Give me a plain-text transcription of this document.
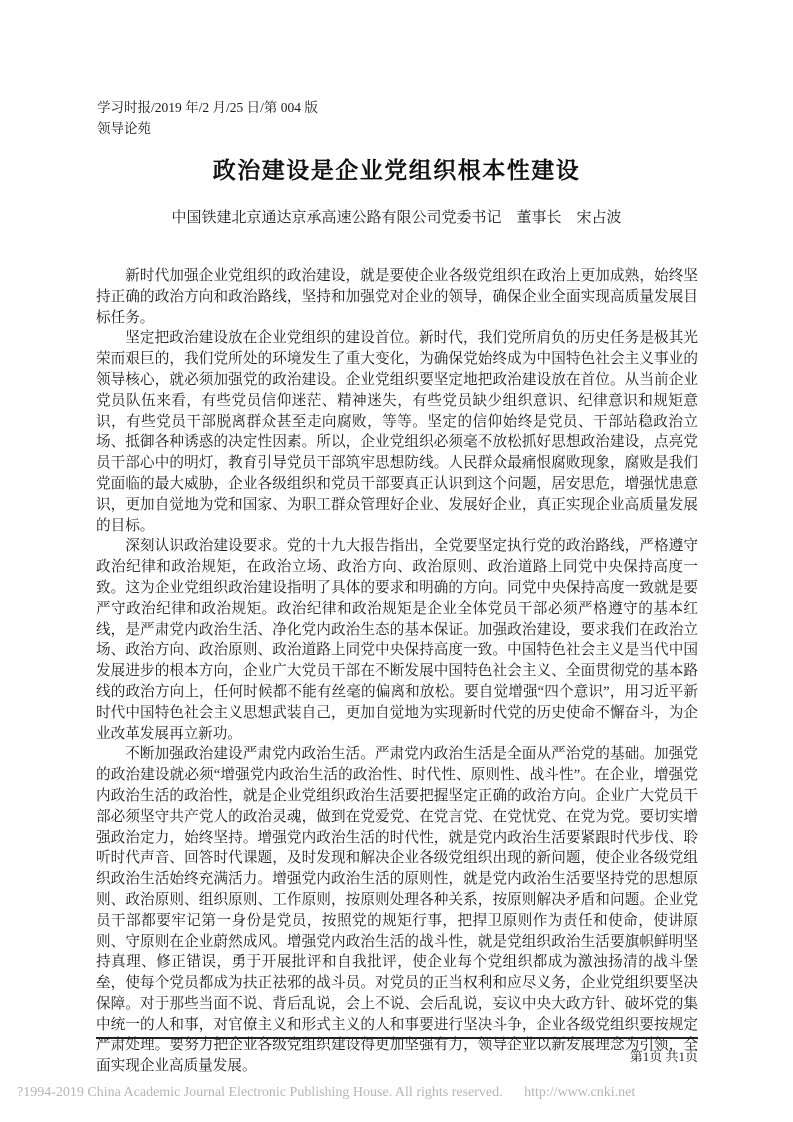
学习时报/2019 年/2 月/25 日/第 004 版
领导论苑
政治建设是企业党组织根本性建设
中国铁建北京通达京承高速公路有限公司党委书记　董事长　宋占波

新时代加强企业党组织的政治建设，就是要使企业各级党组织在政治上更加成熟，始终坚持正确的政治方向和政治路线，坚持和加强党对企业的领导，确保企业全面实现高质量发展目标任务。

坚定把政治建设放在企业党组织的建设首位。新时代，我们党所肩负的历史任务是极其光荣而艰巨的，我们党所处的环境发生了重大变化，为确保党始终成为中国特色社会主义事业的领导核心，就必须加强党的政治建设。企业党组织要坚定地把政治建设放在首位。从当前企业党员队伍来看，有些党员信仰迷茫、精神迷失，有些党员缺少组织意识、纪律意识和规矩意识，有些党员干部脱离群众甚至走向腐败，等等。坚定的信仰始终是党员、干部站稳政治立场、抵御各种诱惑的决定性因素。所以，企业党组织必须毫不放松抓好思想政治建设，点亮党员干部心中的明灯，教育引导党员干部筑牢思想防线。人民群众最痛恨腐败现象，腐败是我们党面临的最大威胁，企业各级组织和党员干部要真正认识到这个问题，居安思危，增强忧患意识，更加自觉地为党和国家、为职工群众管理好企业、发展好企业，真正实现企业高质量发展的目标。

深刻认识政治建设要求。党的十九大报告指出，全党要坚定执行党的政治路线，严格遵守政治纪律和政治规矩，在政治立场、政治方向、政治原则、政治道路上同党中央保持高度一致。这为企业党组织政治建设指明了具体的要求和明确的方向。同党中央保持高度一致就是要严守政治纪律和政治规矩。政治纪律和政治规矩是企业全体党员干部必须严格遵守的基本红线，是严肃党内政治生活、净化党内政治生态的基本保证。加强政治建设，要求我们在政治立场、政治方向、政治原则、政治道路上同党中央保持高度一致。中国特色社会主义是当代中国发展进步的根本方向，企业广大党员干部在不断发展中国特色社会主义、全面贯彻党的基本路线的政治方向上，任何时候都不能有丝毫的偏离和放松。要自觉增强“四个意识”，用习近平新时代中国特色社会主义思想武装自己，更加自觉地为实现新时代党的历史使命不懈奋斗，为企业改革发展再立新功。

不断加强政治建设严肃党内政治生活。严肃党内政治生活是全面从严治党的基础。加强党的政治建设就必须“增强党内政治生活的政治性、时代性、原则性、战斗性”。在企业，增强党内政治生活的政治性，就是企业党组织政治生活要把握坚定正确的政治方向。企业广大党员干部必须坚守共产党人的政治灵魂，做到在党爱党、在党言党、在党忧党、在党为党。要切实增强政治定力，始终坚持。增强党内政治生活的时代性，就是党内政治生活要紧跟时代步伐、聆听时代声音、回答时代课题，及时发现和解决企业各级党组织出现的新问题，使企业各级党组织政治生活始终充满活力。增强党内政治生活的原则性，就是党内政治生活要坚持党的思想原则、政治原则、组织原则、工作原则，按原则处理各种关系，按原则解决矛盾和问题。企业党员干部都要牢记第一身份是党员，按照党的规矩行事，把捍卫原则作为责任和使命，使讲原则、守原则在企业蔚然成风。增强党内政治生活的战斗性，就是党组织政治生活要旗帜鲜明坚持真理、修正错误，勇于开展批评和自我批评，使企业每个党组织都成为激浊扬清的战斗堡垒，使每个党员都成为扶正祛邪的战斗员。对党员的正当权利和应尽义务，企业党组织要坚决保障。对于那些当面不说、背后乱说，会上不说、会后乱说，妄议中央大政方针、破坏党的集中统一的人和事，对官僚主义和形式主义的人和事要进行坚决斗争，企业各级党组织要按规定严肃处理。要努力把企业各级党组织建设得更加坚强有力，领导企业以新发展理念为引领，全面实现企业高质量发展。

第1页 共1页
?1994-2019 China Academic Journal Electronic Publishing House. All rights reserved. http://www.cnki.net
